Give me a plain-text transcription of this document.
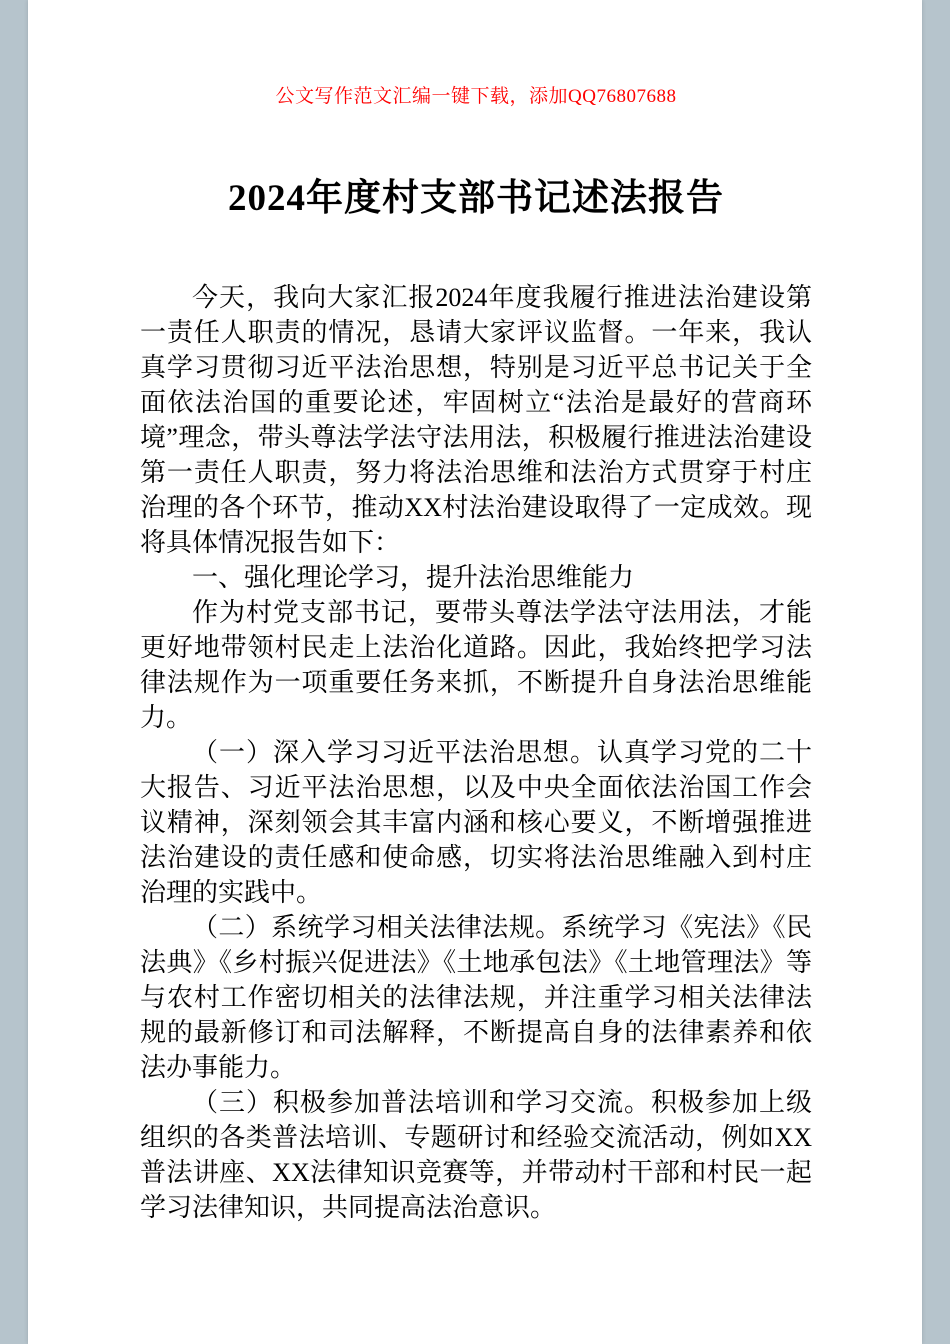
公文写作范文汇编一键下载，添加QQ76807688
2024年度村支部书记述法报告

今天，我向大家汇报2024年度我履行推进法治建设第一责任人职责的情况，恳请大家评议监督。一年来，我认真学习贯彻习近平法治思想，特别是习近平总书记关于全面依法治国的重要论述，牢固树立“法治是最好的营商环境”理念，带头尊法学法守法用法，积极履行推进法治建设第一责任人职责，努力将法治思维和法治方式贯穿于村庄治理的各个环节，推动XX村法治建设取得了一定成效。现将具体情况报告如下：

一、强化理论学习，提升法治思维能力

作为村党支部书记，要带头尊法学法守法用法，才能更好地带领村民走上法治化道路。因此，我始终把学习法律法规作为一项重要任务来抓，不断提升自身法治思维能力。

（一）深入学习习近平法治思想。认真学习党的二十大报告、习近平法治思想，以及中央全面依法治国工作会议精神，深刻领会其丰富内涵和核心要义，不断增强推进法治建设的责任感和使命感，切实将法治思维融入到村庄治理的实践中。

（二）系统学习相关法律法规。系统学习《宪法》《民法典》《乡村振兴促进法》《土地承包法》《土地管理法》等与农村工作密切相关的法律法规，并注重学习相关法律法规的最新修订和司法解释，不断提高自身的法律素养和依法办事能力。

（三）积极参加普法培训和学习交流。积极参加上级组织的各类普法培训、专题研讨和经验交流活动，例如XX普法讲座、XX法律知识竞赛等，并带动村干部和村民一起学习法律知识，共同提高法治意识。
